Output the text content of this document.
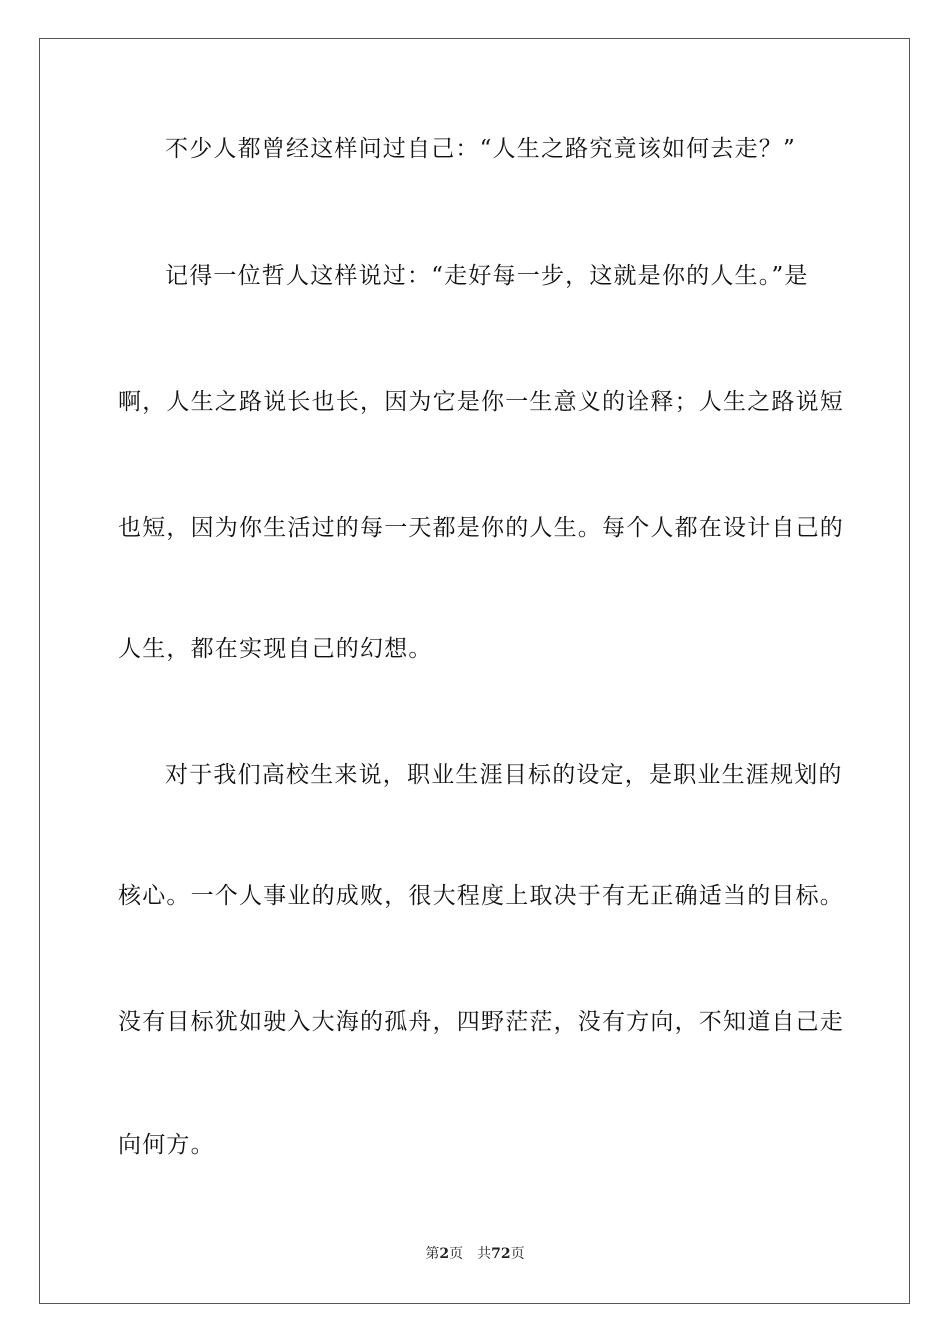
不少人都曾经这样问过自己：“人生之路究竟该如何去走？”
记得一位哲人这样说过：“走好每一步，这就是你的人生。”是
啊，人生之路说长也长，因为它是你一生意义的诠释；人生之路说短
也短，因为你生活过的每一天都是你的人生。每个人都在设计自己的
人生，都在实现自己的幻想。
对于我们高校生来说，职业生涯目标的设定，是职业生涯规划的
核心。一个人事业的成败，很大程度上取决于有无正确适当的目标。
没有目标犹如驶入大海的孤舟，四野茫茫，没有方向，不知道自己走
向何方。
第2页 共72页
